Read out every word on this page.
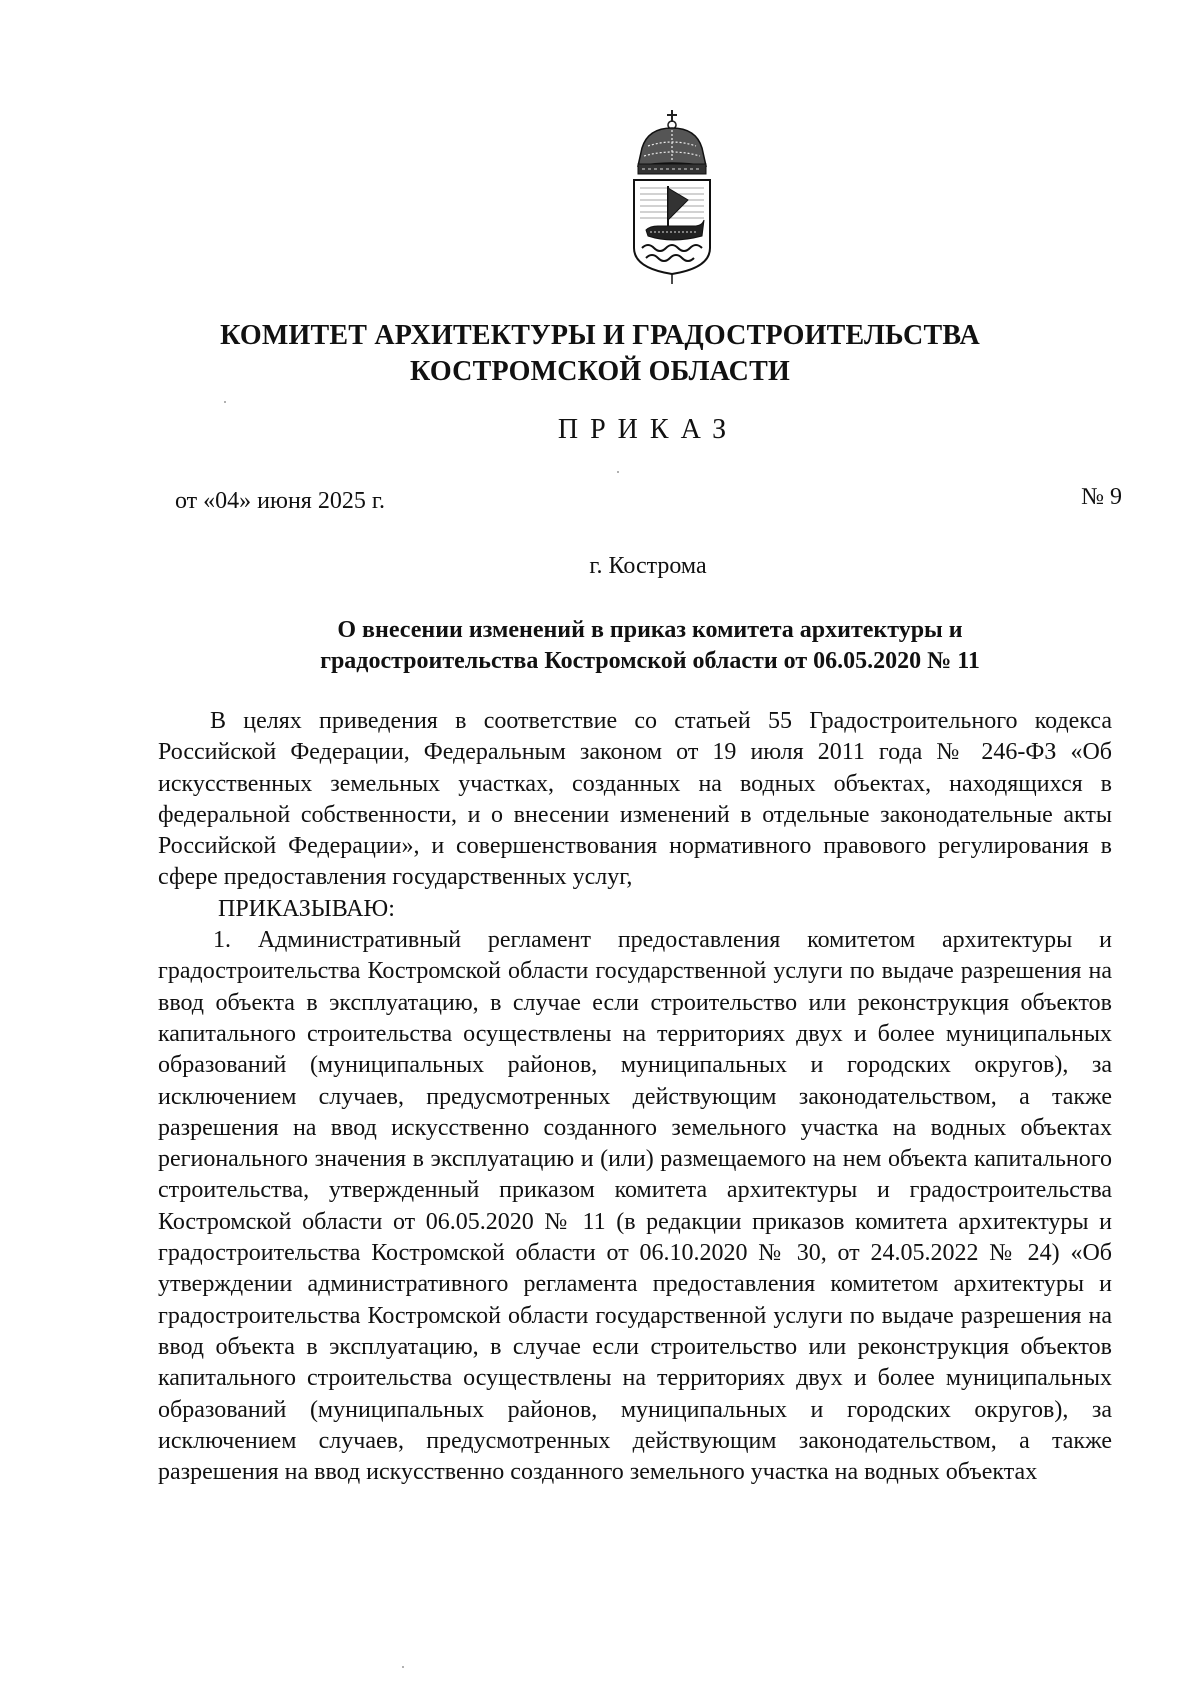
КОМИТЕТ АРХИТЕКТУРЫ И ГРАДОСТРОИТЕЛЬСТВА
КОСТРОМСКОЙ ОБЛАСТИ
ПРИКАЗ
от «04» июня 2025 г.	№ 9
г. Кострома
О внесении изменений в приказ комитета архитектуры и
градостроительства Костромской области от 06.05.2020 № 11

В целях приведения в соответствие со статьей 55 Градостроительного кодекса Российской Федерации, Федеральным законом от 19 июля 2011 года № 246-ФЗ «Об искусственных земельных участках, созданных на водных объектах, находящихся в федеральной собственности, и о внесении изменений в отдельные законодательные акты Российской Федерации», и совершенствования нормативного правового регулирования в сфере предоставления государственных услуг,

ПРИКАЗЫВАЮ:

1. Административный регламент предоставления комитетом архитектуры и градостроительства Костромской области государственной услуги по выдаче разрешения на ввод объекта в эксплуатацию, в случае если строительство или реконструкция объектов капитального строительства осуществлены на территориях двух и более муниципальных образований (муниципальных районов, муниципальных и городских округов), за исключением случаев, предусмотренных действующим законодательством, а также разрешения на ввод искусственно созданного земельного участка на водных объектах регионального значения в эксплуатацию и (или) размещаемого на нем объекта капитального строительства, утвержденный приказом комитета архитектуры и градостроительства Костромской области от 06.05.2020 № 11 (в редакции приказов комитета архитектуры и градостроительства Костромской области от 06.10.2020 № 30, от 24.05.2022 № 24) «Об утверждении административного регламента предоставления комитетом архитектуры и градостроительства Костромской области государственной услуги по выдаче разрешения на ввод объекта в эксплуатацию, в случае если строительство или реконструкция объектов капитального строительства осуществлены на территориях двух и более муниципальных образований (муниципальных районов, муниципальных и городских округов), за исключением случаев, предусмотренных действующим законодательством, а также разрешения на ввод искусственно созданного земельного участка на водных объектах
